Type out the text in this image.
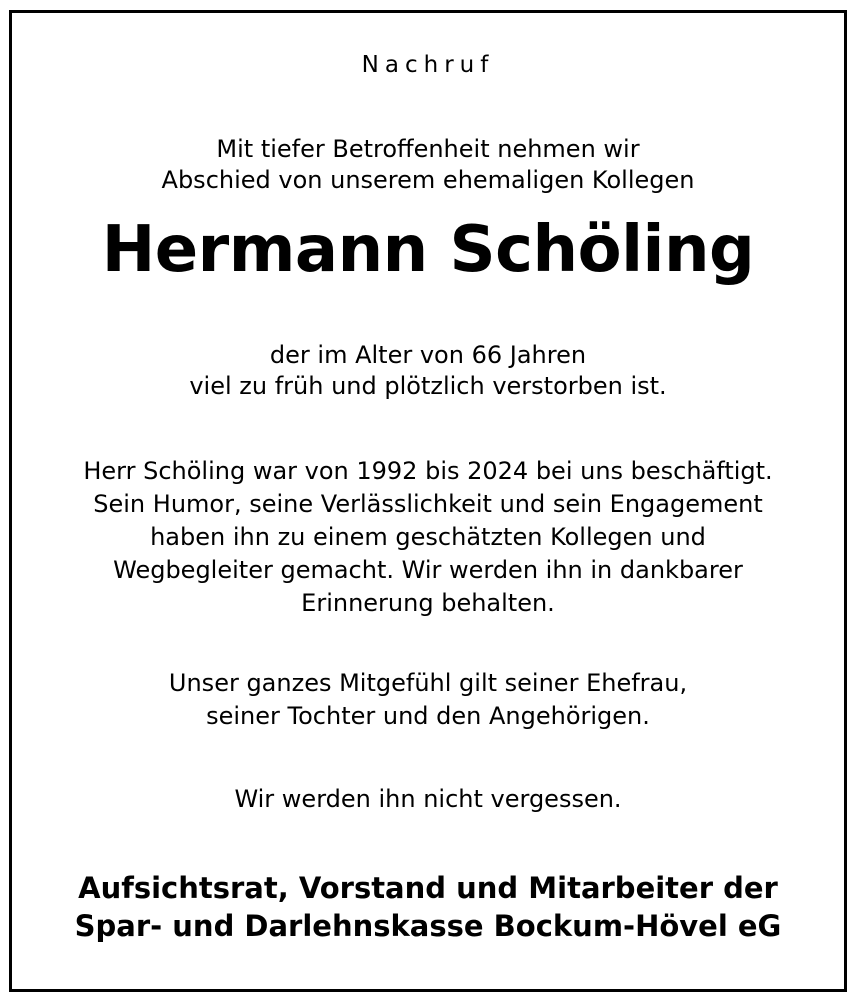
Nachruf
Mit tiefer Betroffenheit nehmen wir
Abschied von unserem ehemaligen Kollegen
Hermann Schöling
der im Alter von 66 Jahren
viel zu früh und plötzlich verstorben ist.
Herr Schöling war von 1992 bis 2024 bei uns beschäftigt.
Sein Humor, seine Verlässlichkeit und sein Engagement
haben ihn zu einem geschätzten Kollegen und
Wegbegleiter gemacht. Wir werden ihn in dankbarer
Erinnerung behalten.
Unser ganzes Mitgefühl gilt seiner Ehefrau,
seiner Tochter und den Angehörigen.
Wir werden ihn nicht vergessen.
Aufsichtsrat, Vorstand und Mitarbeiter der
Spar- und Darlehnskasse Bockum-Hövel eG
